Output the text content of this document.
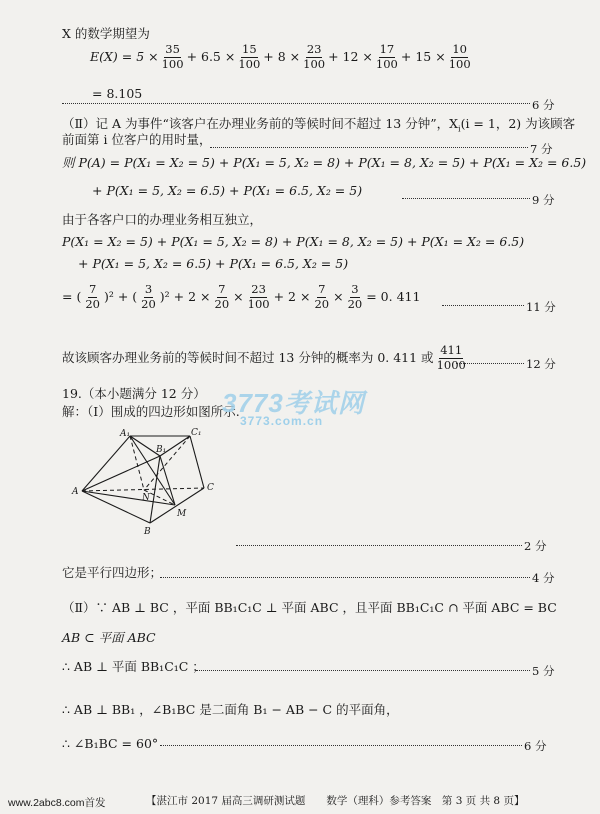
X 的数学期望为
$E(X) = 5 \times \frac{35}{100} + 6.5 \times \frac{15}{100} + 8 \times \frac{23}{100} + 12 \times \frac{17}{100} + 15 \times \frac{10}{100}$
= 8.105
6 分
（Ⅱ）记 A 为事件“该客户在办理业务前的等候时间不超过 13 分钟”，$X_i(i = 1$，2) 为该顾客
前面第 i 位客户的用时量，
7 分
则 P(A) = P(X₁ = X₂ = 5) + P(X₁ = 5, X₂ = 8) + P(X₁ = 8, X₂ = 5) + P(X₁ = X₂ = 6.5)
+ P(X₁ = 5, X₂ = 6.5) + P(X₁ = 6.5, X₂ = 5)
9 分
由于各客户口的办理业务相互独立，
P(X₁ = X₂ = 5) + P(X₁ = 5, X₂ = 8) + P(X₁ = 8, X₂ = 5) + P(X₁ = X₂ = 6.5)
+ P(X₁ = 5, X₂ = 6.5) + P(X₁ = 6.5, X₂ = 5)
= ( $\frac{7}{20} )^2$ + ( $\frac{3}{20} )^2 + 2 \times \frac{7}{20} \times \frac{23}{100} + 2 \times \frac{7}{20} \times \frac{3}{20} = 0$. 411
11 分
故该顾客办理业务前的等候时间不超过 13 分钟的概率为 0. 411 或 $\frac{411}{1000}$	12 分
19.（本小题满分 12 分）
解：（Ⅰ）围成的四边形如图所示.
3773考试网
3773.com.cn
A₁
B₁
C₁
A
N
C
M
B
2 分
它是平行四边形；	4 分
（Ⅱ）∵ AB ⊥ BC ，平面 BB₁C₁C ⊥ 平面 ABC ，且平面 BB₁C₁C ∩ 平面 ABC = BC
AB ⊂ 平面 ABC
∴ AB ⊥ 平面 BB₁C₁C ；	5 分
∴ AB ⊥ BB₁ ，∠B₁BC 是二面角 B₁ − AB − C 的平面角，
∴ ∠B₁BC = 60°	6 分
www.2abc8.com首发	【湛江市 2017 届高三调研测试题　　数学（理科）参考答案　第 3 页 共 8 页】
